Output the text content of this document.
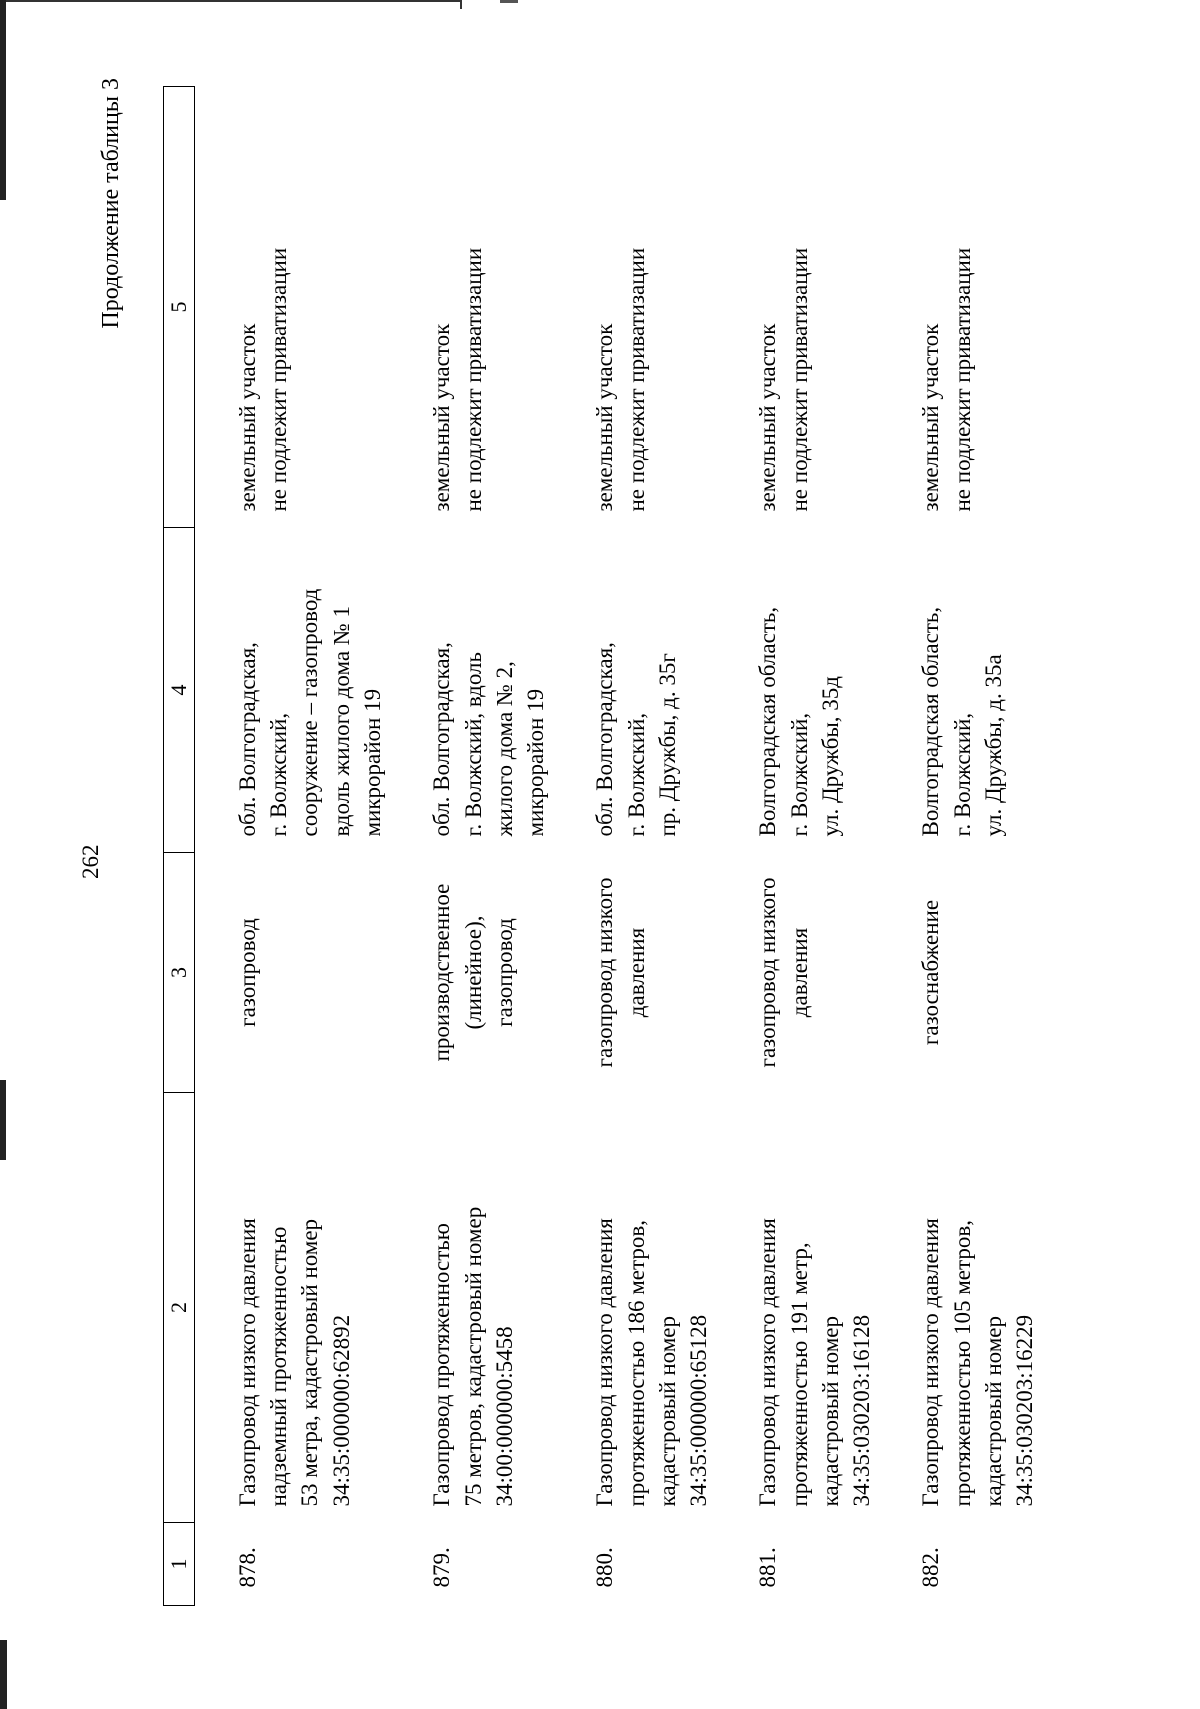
262
Продолжение таблицы 3
1	2	3	4	5
878.	Газопровод низкого давления надземный протяженностью 53 метра, кадастровый номер 34:35:000000:62892	газопровод	обл. Волгоградская, г. Волжский, сооружение – газопровод вдоль жилого дома № 1 микрорайон 19	земельный участок не подлежит приватизации

879.	Газопровод протяженностью 75 метров, кадастровый номер 34:00:000000:5458	производственное (линейное), газопровод	обл. Волгоградская, г. Волжский, вдоль жилого дома № 2, микрорайон 19	земельный участок не подлежит приватизации

880.	Газопровод низкого давления протяженностью 186 метров, кадастровый номер 34:35:000000:65128	газопровод низкого давления	обл. Волгоградская, г. Волжский, пр. Дружбы, д. 35г	земельный участок не подлежит приватизации

881.	Газопровод низкого давления протяженностью 191 метр, кадастровый номер 34:35:030203:16128	газопровод низкого давления	Волгоградская область, г. Волжский, ул. Дружбы, 35д	земельный участок не подлежит приватизации

882.	Газопровод низкого давления протяженностью 105 метров, кадастровый номер 34:35:030203:16229	газоснабжение	Волгоградская область, г. Волжский, ул. Дружбы, д. 35а	земельный участок не подлежит приватизации
